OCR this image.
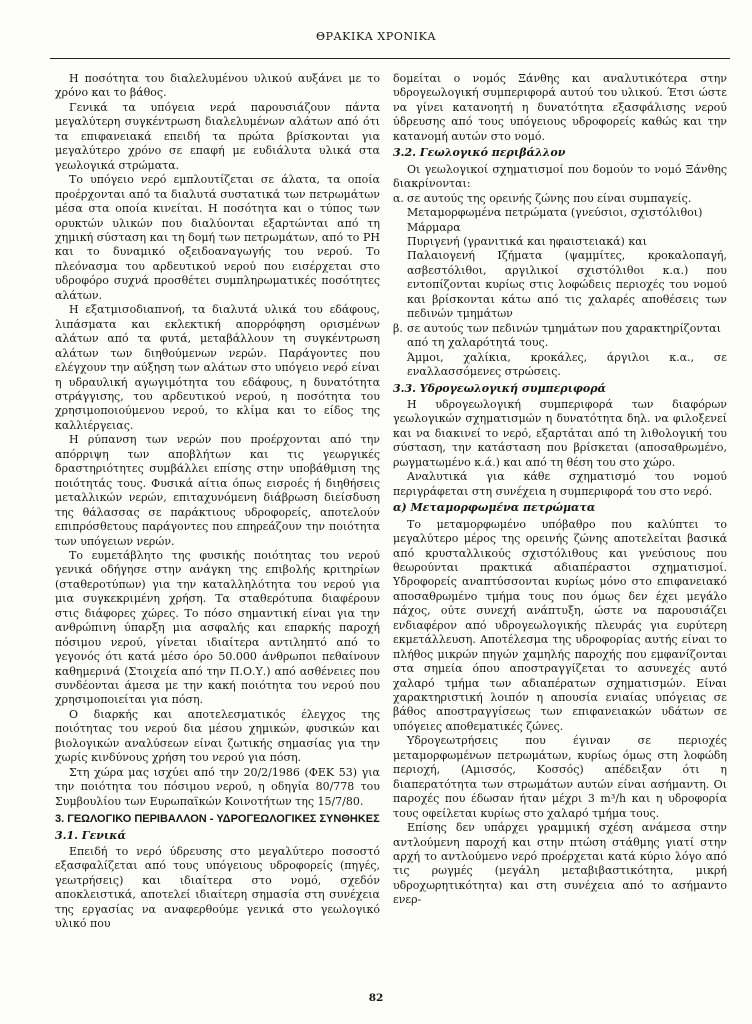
ΘΡΑΚΙΚΑ ΧΡΟΝΙΚΑ

Η ποσότητα του διαλελυμένου υλικού αυξάνει με το χρόνο και το βάθος.

Γενικά τα υπόγεια νερά παρουσιάζουν πάντα μεγαλύτερη συγκέντρωση διαλελυμένων αλάτων από ότι τα επιφανειακά επειδή τα πρώτα βρίσκονται για μεγαλύτερο χρόνο σε επαφή με ευδιάλυτα υλικά στα γεωλογικά στρώματα.

Το υπόγειο νερό εμπλουτίζεται σε άλατα, τα οποία προέρχονται από τα διαλυτά συστατικά των πετρωμάτων μέσα στα οποία κινείται. Η ποσότητα και ο τύπος των ορυκτών υλικών που διαλύονται εξαρτώνται από τη χημική σύσταση και τη δομή των πετρωμάτων, από το PH και το δυναμικό οξειδοαναγωγής του νερού. Το πλεόνασμα του αρδευτικού νερού που εισέρχεται στο υδροφόρο συχνά προσθέτει συμπληρωματικές ποσότητες αλάτων.

Η εξατμισοδιαπνοή, τα διαλυτά υλικά του εδάφους, λιπάσματα και εκλεκτική απορρόφηση ορισμένων αλάτων από τα φυτά, μεταβάλλουν τη συγκέντρωση αλάτων των διηθούμενων νερών. Παράγοντες που ελέγχουν την αύξηση των αλάτων στο υπόγειο νερό είναι η υδραυλική αγωγιμότητα του εδάφους, η δυνατότητα στράγγισης, του αρδευτικού νερού, η ποσότητα του χρησιμοποιούμενου νερού, το κλίμα και το είδος της καλλιέργειας.

Η ρύπανση των νερών που προέρχονται από την απόρριψη των αποβλήτων και τις γεωργικές δραστηριότητες συμβάλλει επίσης στην υποβάθμιση της ποιότητάς τους. Φυσικά αίτια όπως εισροές ή διηθήσεις μεταλλικών νερών, επιταχυνόμενη διάβρωση διείσδυση της θάλασσας σε παράκτιους υδροφορείς, αποτελούν επιπρόσθετους παράγοντες που επηρεάζουν την ποιότητα των υπόγειων νερών.

Το ευμετάβλητο της φυσικής ποιότητας του νερού γενικά οδήγησε στην ανάγκη της επιβολής κριτηρίων (σταθεροτύπων) για την καταλληλότητα του νερού για μια συγκεκριμένη χρήση. Τα σταθερότυπα διαφέρουν στις διάφορες χώρες. Το πόσο σημαντική είναι για την ανθρώπινη ύπαρξη μια ασφαλής και επαρκής παροχή πόσιμου νερού, γίνεται ιδιαίτερα αντιληπτό από το γεγονός ότι κατά μέσο όρο 50.000 άνθρωποι πεθαίνουν καθημερινά (Στοιχεία από την Π.Ο.Υ.) από ασθένειες που συνδέονται άμεσα με την κακή ποιότητα του νερού που χρησιμοποιείται για πόση.

Ο διαρκής και αποτελεσματικός έλεγχος της ποιότητας του νερού δια μέσου χημικών, φυσικών και βιολογικών αναλύσεων είναι ζωτικής σημασίας για την χωρίς κινδύνους χρήση του νερού για πόση.

Στη χώρα μας ισχύει από την 20/2/1986 (ΦΕΚ 53) για την ποιότητα του πόσιμου νερού, η οδηγία 80/778 του Συμβουλίου των Ευρωπαϊκών Κοινοτήτων της 15/7/80.

3. ΓΕΩΛΟΓΙΚΟ ΠΕΡΙΒΑΛΛΟΝ - ΥΔΡΟΓΕΩΛΟΓΙΚΕΣ ΣΥΝΘΗΚΕΣ

3.1. Γενικά

Επειδή το νερό ύδρευσης στο μεγαλύτερο ποσοστό εξασφαλίζεται από τους υπόγειους υδροφορείς (πηγές, γεωτρήσεις) και ιδιαίτερα στο νομό, σχεδόν αποκλειστικά, αποτελεί ιδιαίτερη σημασία στη συνέχεια της εργασίας να αναφερθούμε γενικά στο γεωλογικό υλικό που

δομείται ο νομός Ξάνθης και αναλυτικότερα στην υδρογεωλογική συμπεριφορά αυτού του υλικού. Έτσι ώστε να γίνει κατανοητή η δυνατότητα εξασφάλισης νερού ύδρευσης από τους υπόγειους υδροφορείς καθώς και την κατανομή αυτών στο νομό.

3.2. Γεωλογικό περιβάλλον

Οι γεωλογικοί σχηματισμοί που δομούν το νομό Ξάνθης διακρίνονται:

α. σε αυτούς της ορεινής ζώνης που είναι συμπαγείς.

Μεταμορφωμένα πετρώματα (γνεύσιοι, σχιστόλιθοι)

Μάρμαρα

Πυριγενή (γρανιτικά και ηφαιστειακά) και

Παλαιογενή Ιζήματα (ψαμμίτες, κροκαλοπαγή, ασβεστόλιθοι, αργιλικοί σχιστόλιθοι κ.α.) που εντοπίζονται κυρίως στις λοφώδεις περιοχές του νομού και βρίσκονται κάτω από τις χαλαρές αποθέσεις των πεδινών τμημάτων

β. σε αυτούς των πεδινών τμημάτων που χαρακτηρίζονται από τη χαλαρότητά τους.

Άμμοι, χαλίκια, κροκάλες, άργιλοι κ.α., σε εναλλασσόμενες στρώσεις.

3.3. Υδρογεωλογική συμπεριφορά

Η υδρογεωλογική συμπεριφορά των διαφόρων γεωλογικών σχηματισμών η δυνατότητα δηλ. να φιλοξενεί και να διακινεί το νερό, εξαρτάται από τη λιθολογική του σύσταση, την κατάσταση που βρίσκεται (αποσαθρωμένο, ρωγματωμένο κ.ά.) και από τη θέση του στο χώρο.

Αναλυτικά για κάθε σχηματισμό του νομού περιγράφεται στη συνέχεια η συμπεριφορά του στο νερό.

α) Μεταμορφωμένα πετρώματα

Το μεταμορφωμένο υπόβαθρο που καλύπτει το μεγαλύτερο μέρος της ορεινής ζώνης αποτελείται βασικά από κρυσταλλικούς σχιστόλιθους και γνεύσιους που θεωρούνται πρακτικά αδιαπέραστοι σχηματισμοί. Υδροφορείς αναπτύσσονται κυρίως μόνο στο επιφανειακό αποσαθρωμένο τμήμα τους που όμως δεν έχει μεγάλο πάχος, ούτε συνεχή ανάπτυξη, ώστε να παρουσιάζει ενδιαφέρον από υδρογεωλογικής πλευράς για ευρύτερη εκμετάλλευση. Αποτέλεσμα της υδροφορίας αυτής είναι το πλήθος μικρών πηγών χαμηλής παροχής που εμφανίζονται στα σημεία όπου αποστραγγίζεται το ασυνεχές αυτό χαλαρό τμήμα των αδιαπέρατων σχηματισμών. Είναι χαρακτηριστική λοιπόν η απουσία ενιαίας υπόγειας σε βάθος αποστραγγίσεως των επιφανειακών υδάτων σε υπόγειες αποθεματικές ζώνες.

Υδρογεωτρήσεις που έγιναν σε περιοχές μεταμορφωμένων πετρωμάτων, κυρίως όμως στη λοφώδη περιοχή, (Αμισσός, Κοσσός) απέδειξαν ότι η διαπερατότητα των στρωμάτων αυτών είναι ασήμαντη. Οι παροχές που έδωσαν ήταν μέχρι 3 m³/h και η υδροφορία τους οφείλεται κυρίως στο χαλαρό τμήμα τους.

Επίσης δεν υπάρχει γραμμική σχέση ανάμεσα στην αντλούμενη παροχή και στην πτώση στάθμης γιατί στην αρχή το αντλούμενο νερό προέρχεται κατά κύριο λόγο από τις ρωγμές (μεγάλη μεταβιβαστικότητα, μικρή υδροχωρητικότητα) και στη συνέχεια από το ασήμαντο ενερ-

82
